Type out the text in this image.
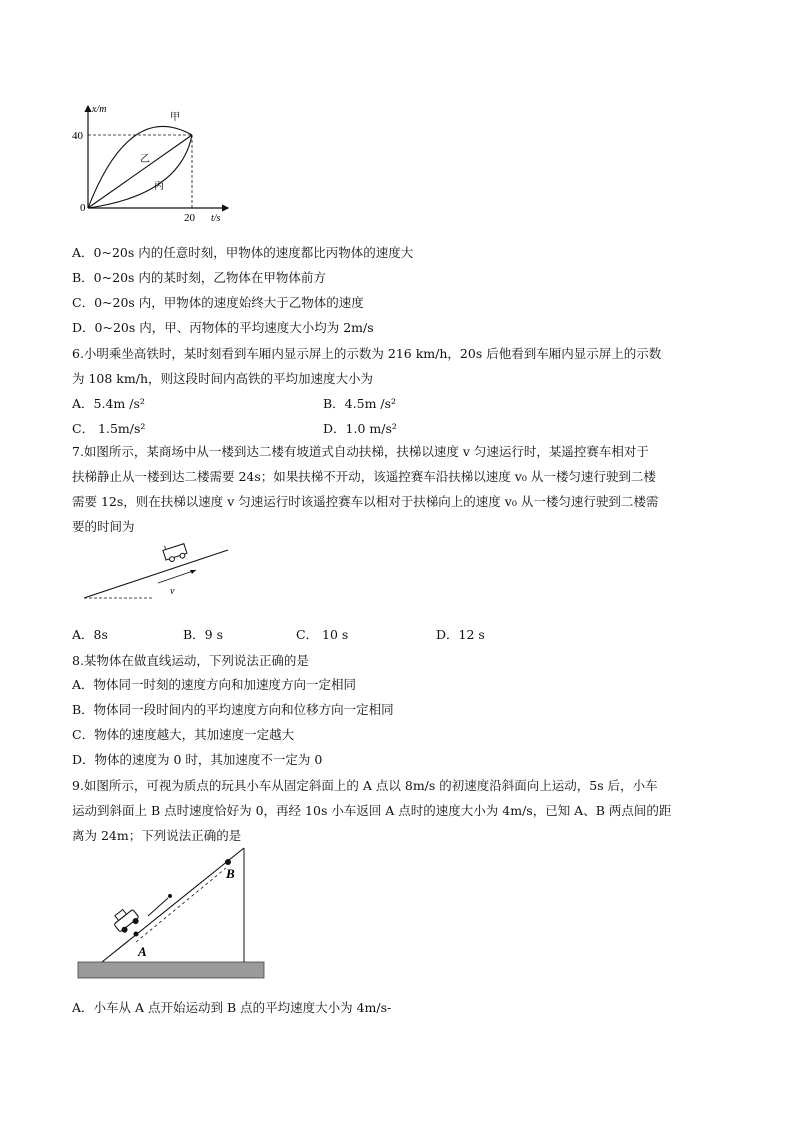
x/m
t/s
40
20
0
甲
乙
丙
A．0~20s 内的任意时刻，甲物体的速度都比丙物体的速度大
B．0~20s 内的某时刻，乙物体在甲物体前方
C．0~20s 内，甲物体的速度始终大于乙物体的速度
D．0~20s 内，甲、丙物体的平均速度大小均为 2m/s
6.小明乘坐高铁时，某时刻看到车厢内显示屏上的示数为 216 km/h，20s 后他看到车厢内显示屏上的示数
为 108 km/h，则这段时间内高铁的平均加速度大小为
A．5.4m /s²	B．4.5m /s²
C． 1.5m/s²	D．1.0 m/s²
7.如图所示，某商场中从一楼到达二楼有坡道式自动扶梯，扶梯以速度 v 匀速运行时，某遥控赛车相对于
扶梯静止从一楼到达二楼需要 24s；如果扶梯不开动，该遥控赛车沿扶梯以速度 v₀ 从一楼匀速行驶到二楼
需要 12s，则在扶梯以速度 v 匀速运行时该遥控赛车以相对于扶梯向上的速度 v₀ 从一楼匀速行驶到二楼需
要的时间为
v
A．8s	B．9 s	C． 10 s	D．12 s
8.某物体在做直线运动，下列说法正确的是
A．物体同一时刻的速度方向和加速度方向一定相同
B．物体同一段时间内的平均速度方向和位移方向一定相同
C．物体的速度越大，其加速度一定越大
D．物体的速度为 0 时，其加速度不一定为 0
9.如图所示，可视为质点的玩具小车从固定斜面上的 A 点以 8m/s 的初速度沿斜面向上运动，5s 后，小车
运动到斜面上 B 点时速度恰好为 0，再经 10s 小车返回 A 点时的速度大小为 4m/s，已知 A、B 两点间的距
离为 24m；下列说法正确的是
A
B
A．小车从 A 点开始运动到 B 点的平均速度大小为 4m/s-
